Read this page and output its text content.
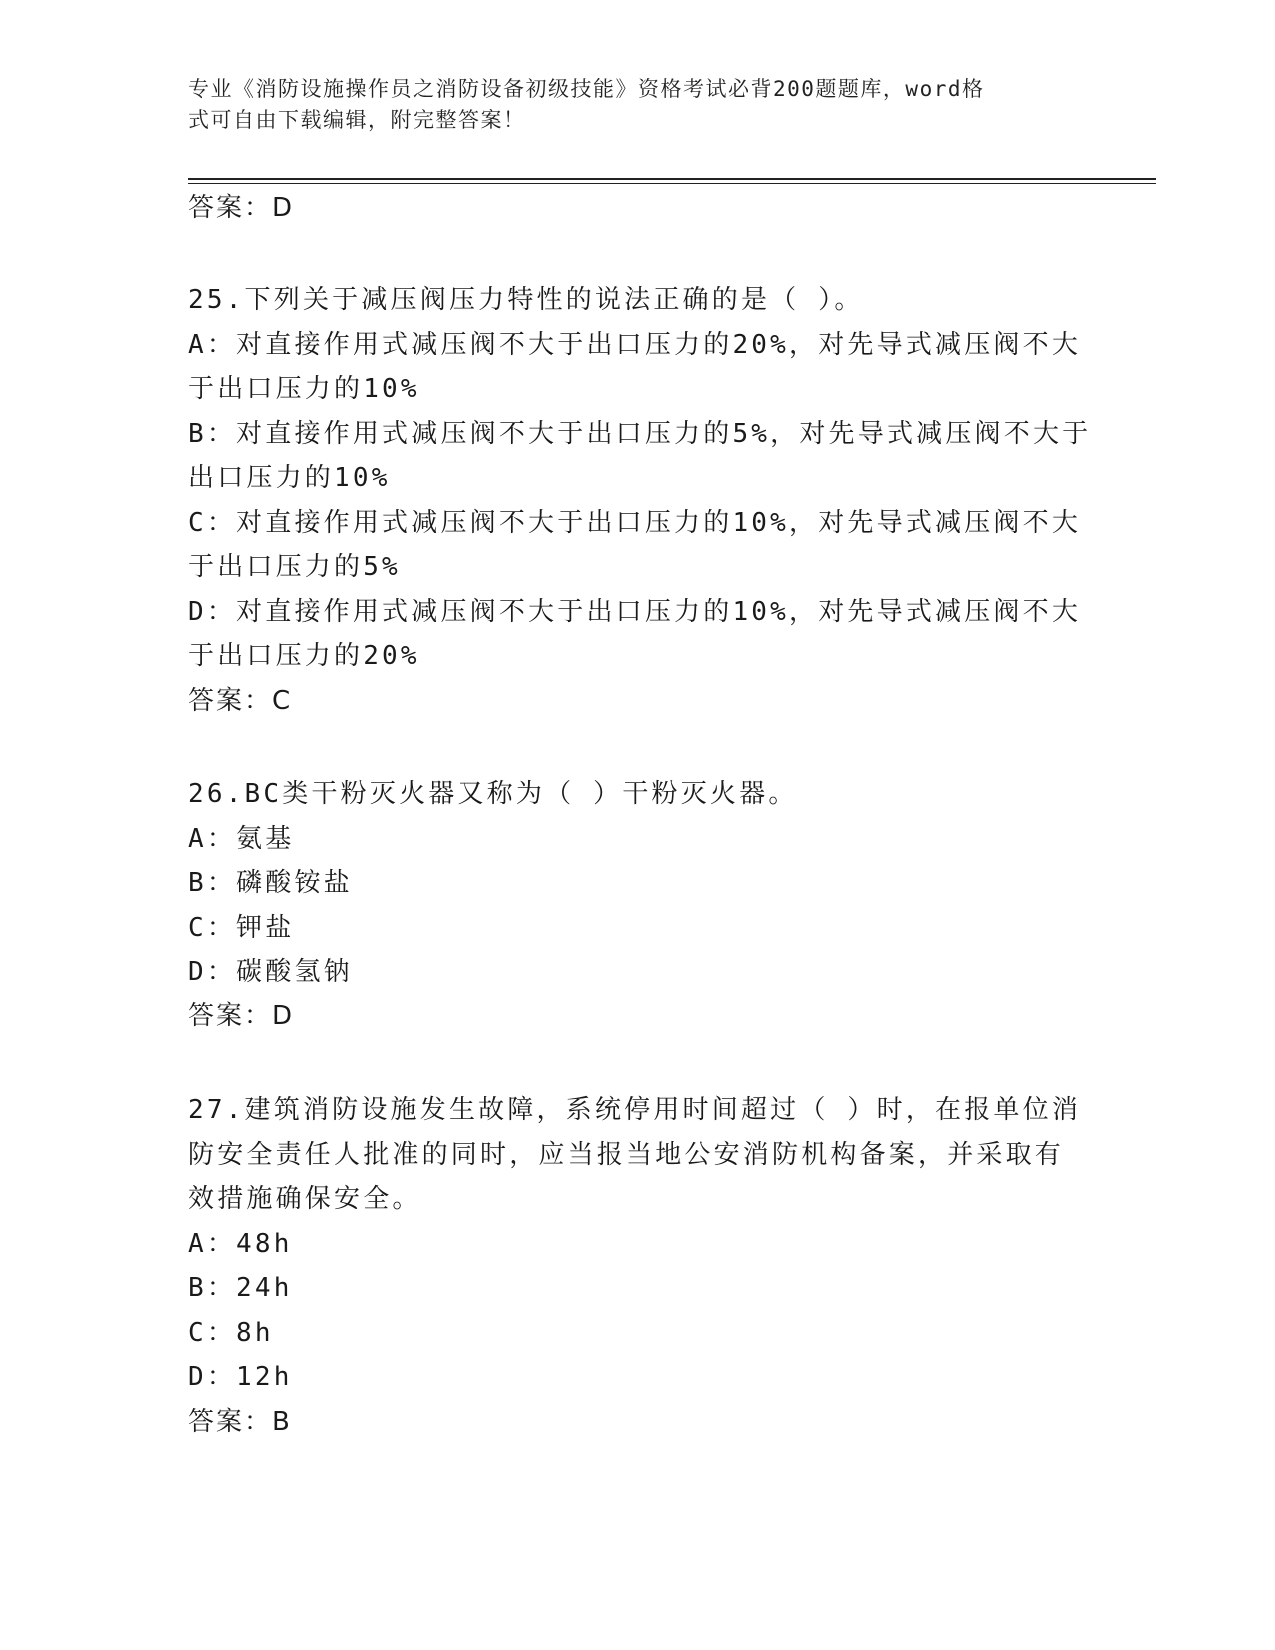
专业《消防设施操作员之消防设备初级技能》资格考试必背200题题库，word格
式可自由下载编辑，附完整答案！
答案：D
25.下列关于减压阀压力特性的说法正确的是（ ）。
A：对直接作用式减压阀不大于出口压力的20%，对先导式减压阀不大
于出口压力的10%
B：对直接作用式减压阀不大于出口压力的5%，对先导式减压阀不大于
出口压力的10%
C：对直接作用式减压阀不大于出口压力的10%，对先导式减压阀不大
于出口压力的5%
D：对直接作用式减压阀不大于出口压力的10%，对先导式减压阀不大
于出口压力的20%
答案：C
26.BC类干粉灭火器又称为（ ）干粉灭火器。
A：氨基
B：磷酸铵盐
C：钾盐
D：碳酸氢钠
答案：D
27.建筑消防设施发生故障，系统停用时间超过（ ）时，在报单位消
防安全责任人批准的同时，应当报当地公安消防机构备案，并采取有
效措施确保安全。
A：48h
B：24h
C：8h
D：12h
答案：B
